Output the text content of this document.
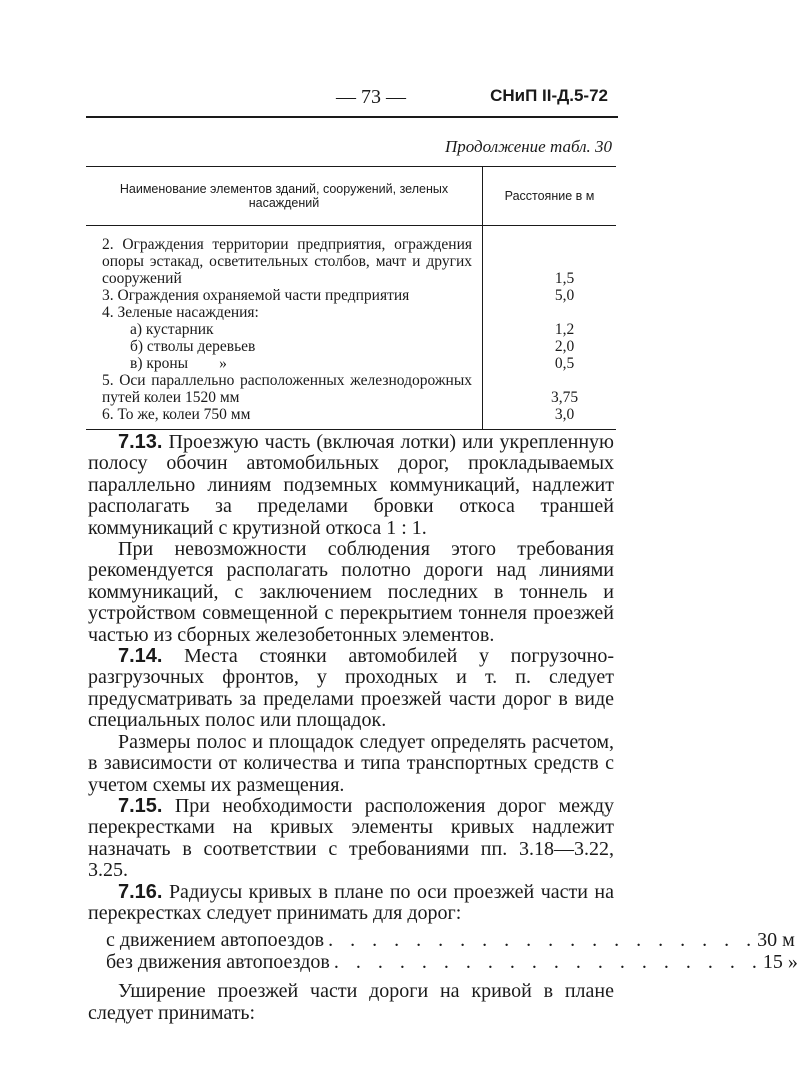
— 73 —	СНиП II-Д.5-72
Продолжение табл. 30
Наименование элементов зданий, сооружений, зеленых насаждений	Расстояние в м
2. Ограждения территории предприятия, ограждения опоры эстакад, осветительных столбов, мачт и других сооружений	1,5
3. Ограждения охраняемой части предприятия	5,0
4. Зеленые насаждения:	
а) кустарник	1,2
б) стволы деревьев	2,0
в) кроны        »	0,5
5. Оси параллельно расположенных железнодорожных путей колеи 1520 мм	3,75
6. То же, колеи 750 мм	3,0

7.13. Проезжую часть (включая лотки) или укрепленную полосу обочин автомобильных дорог, прокладываемых параллельно линиям подземных коммуникаций, надлежит располагать за пределами бровки откоса траншей коммуникаций с крутизной откоса 1 : 1.

При невозможности соблюдения этого требования рекомендуется располагать полотно дороги над линиями коммуникаций, с заключением последних в тоннель и устройством совмещенной с перекрытием тоннеля проезжей частью из сборных железобетонных элементов.

7.14. Места стоянки автомобилей у погрузочно-разгрузочных фронтов, у проходных и т. п. следует предусматривать за пределами проезжей части дорог в виде специальных полос или площадок.

Размеры полос и площадок следует определять расчетом, в зависимости от количества и типа транспортных средств с учетом схемы их размещения.

7.15. При необходимости расположения дорог между перекрестками на кривых элементы кривых надлежит назначать в соответствии с требованиями пп. 3.18—3.22, 3.25.

7.16. Радиусы кривых в плане по оси проезжей части на перекрестках следует принимать для дорог:

с движением автопоездов . . . . . . . . . . . . . . . . . . . . 30 м
без движения автопоездов . . . . . . . . . . . . . . . . . . . . 15 »

Уширение проезжей части дороги на кривой в плане следует принимать:
